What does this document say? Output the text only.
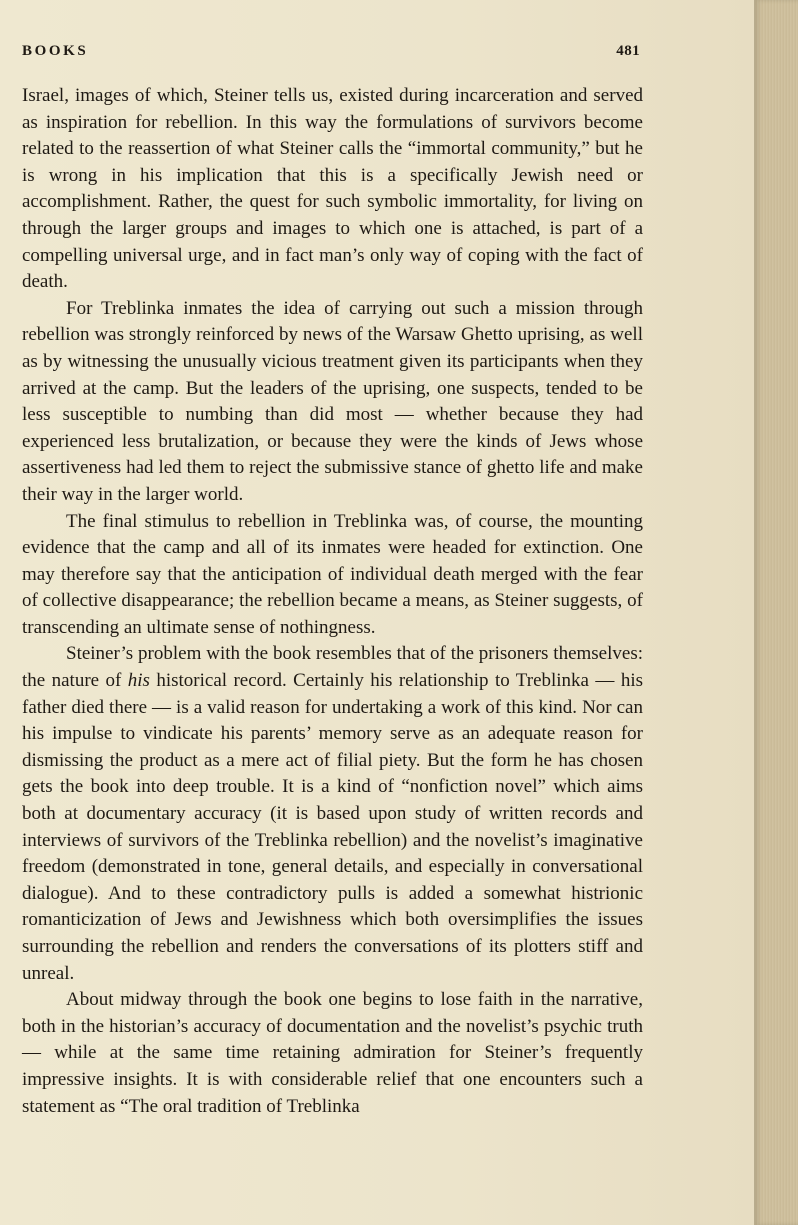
BOOKS	481

Israel, images of which, Steiner tells us, existed during incarceration and served as inspiration for rebellion. In this way the formulations of survivors become related to the reassertion of what Steiner calls the “immortal community,” but he is wrong in his implication that this is a specifically Jewish need or accomplishment. Rather, the quest for such symbolic immortality, for living on through the larger groups and images to which one is attached, is part of a compelling universal urge, and in fact man’s only way of coping with the fact of death.

For Treblinka inmates the idea of carrying out such a mission through rebellion was strongly reinforced by news of the Warsaw Ghetto uprising, as well as by witnessing the unusually vicious treatment given its participants when they arrived at the camp. But the leaders of the uprising, one suspects, tended to be less susceptible to numbing than did most — whether because they had experienced less brutalization, or because they were the kinds of Jews whose assertiveness had led them to reject the submissive stance of ghetto life and make their way in the larger world.

The final stimulus to rebellion in Treblinka was, of course, the mounting evidence that the camp and all of its inmates were headed for extinction. One may therefore say that the anticipation of individual death merged with the fear of collective disappearance; the rebellion became a means, as Steiner suggests, of transcending an ultimate sense of nothingness.

Steiner’s problem with the book resembles that of the prisoners themselves: the nature of his historical record. Certainly his relationship to Treblinka — his father died there — is a valid reason for undertaking a work of this kind. Nor can his impulse to vindicate his parents’ memory serve as an adequate reason for dismissing the product as a mere act of filial piety. But the form he has chosen gets the book into deep trouble. It is a kind of “nonfiction novel” which aims both at documentary accuracy (it is based upon study of written records and interviews of survivors of the Treblinka rebellion) and the novelist’s imaginative freedom (demonstrated in tone, general details, and especially in conversational dialogue). And to these contradictory pulls is added a somewhat histrionic romanticization of Jews and Jewishness which both oversimplifies the issues surrounding the rebellion and renders the conversations of its plotters stiff and unreal.

About midway through the book one begins to lose faith in the narrative, both in the historian’s accuracy of documentation and the novelist’s psychic truth — while at the same time retaining admiration for Steiner’s frequently impressive insights. It is with considerable relief that one encounters such a statement as “The oral tradition of Treblinka
